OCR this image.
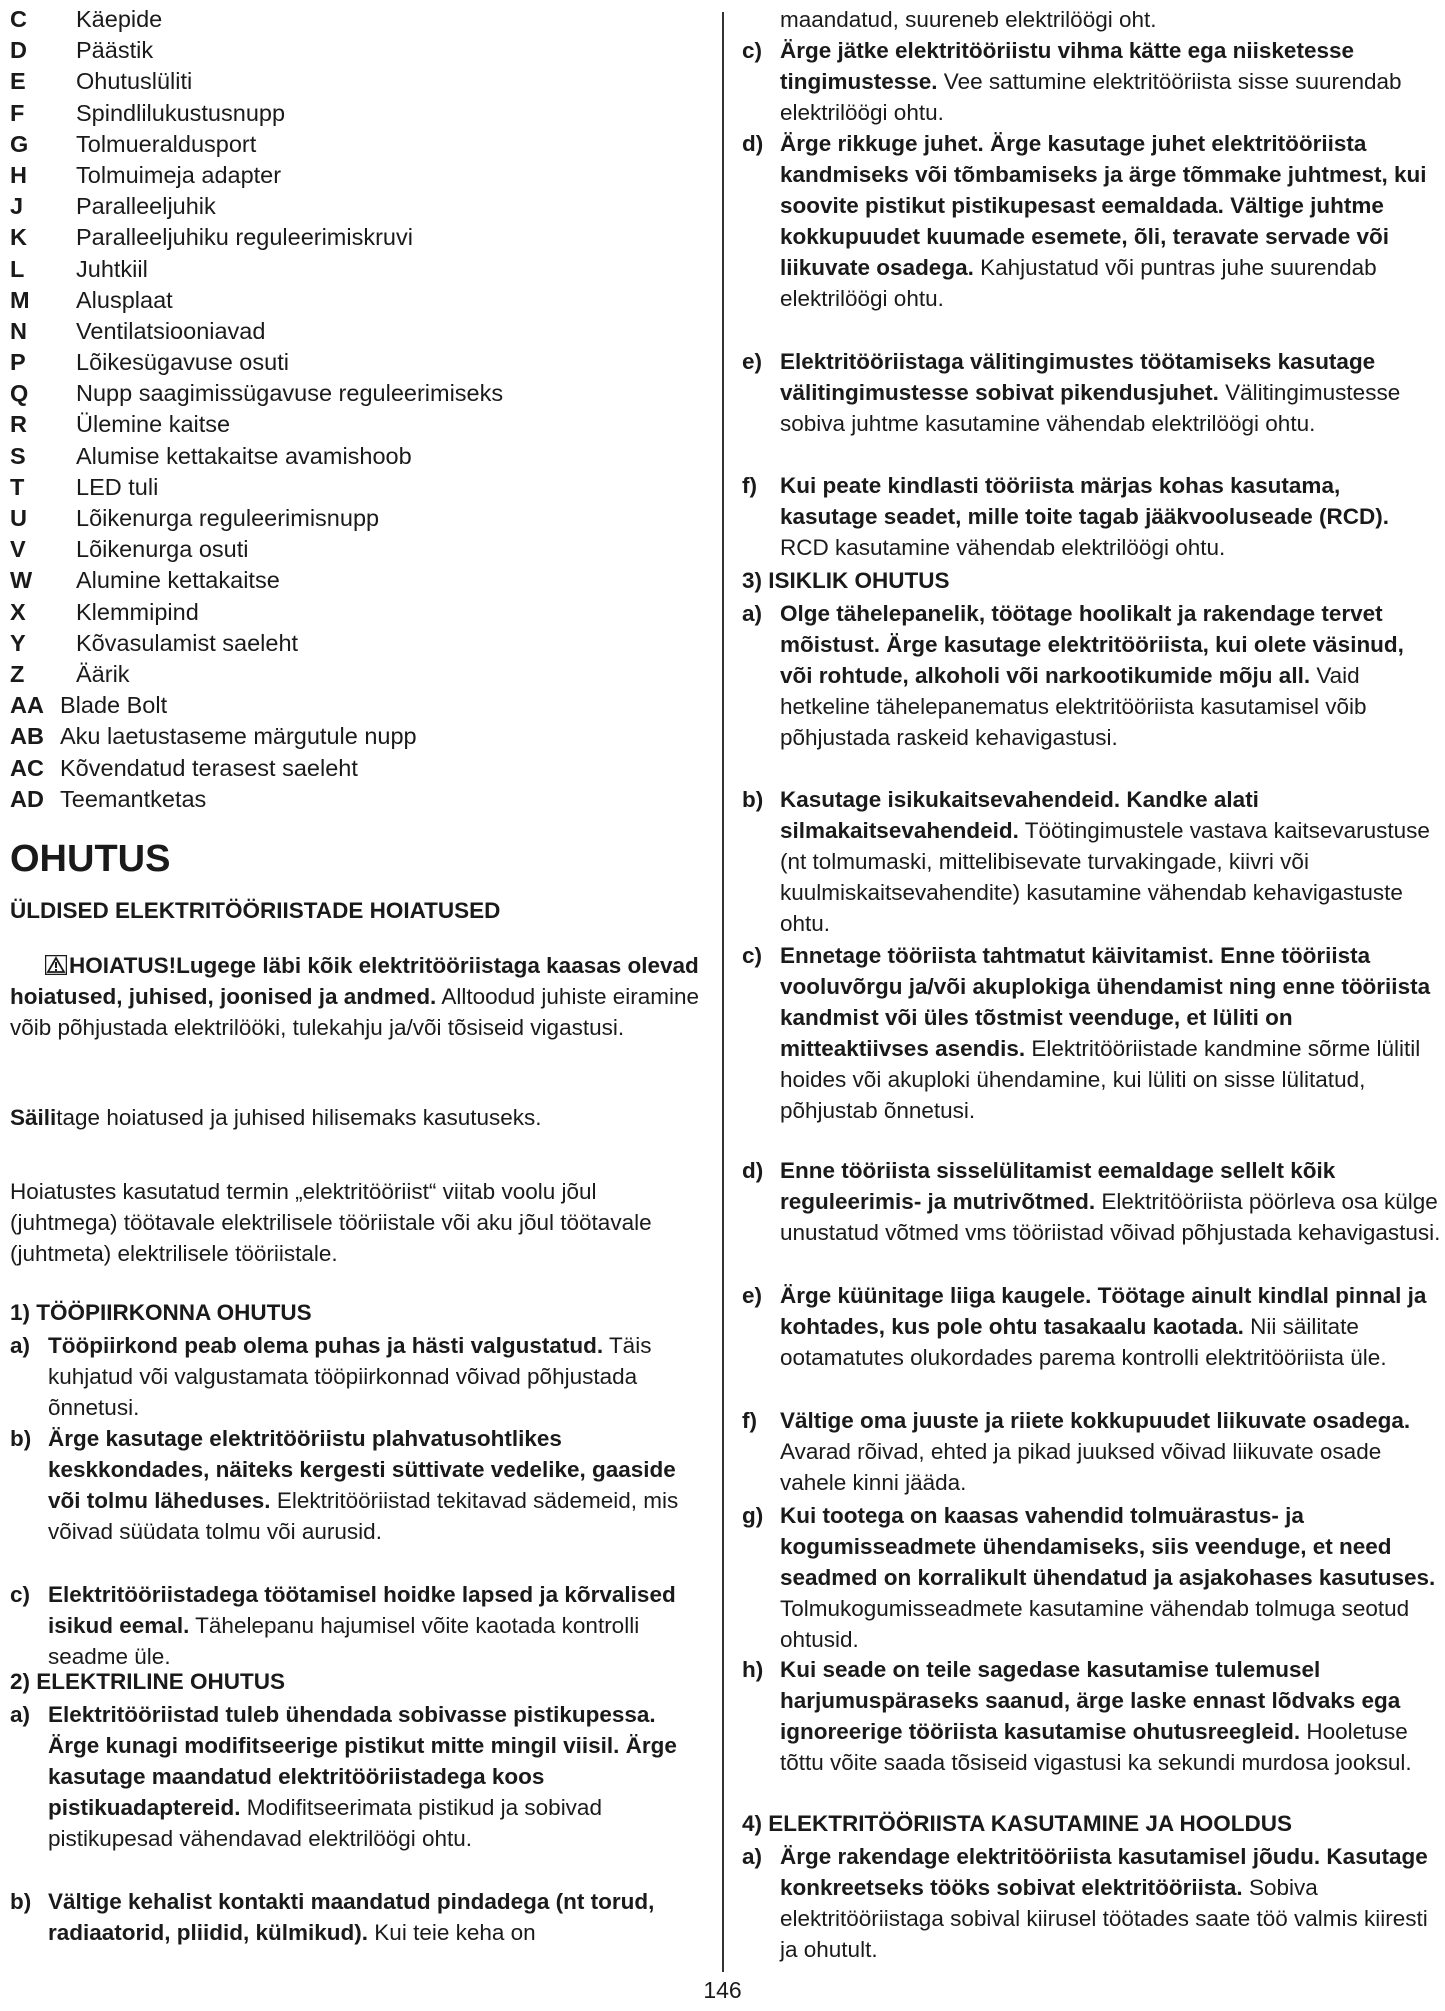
C Käepide
D Päästik
E Ohutuslüliti
F Spindlilukustusnupp
G Tolmueraldusport
H Tolmuimeja adapter
J Paralleeljuhik
K Paralleeljuhiku reguleerimiskruvi
L Juhtkiil
M Alusplaat
N Ventilatsiooniavad
P Lõikesügavuse osuti
Q Nupp saagimissügavuse reguleerimiseks
R Ülemine kaitse
S Alumise kettakaitse avamishoob
T LED tuli
U Lõikenurga reguleerimisnupp
V Lõikenurga osuti
W Alumine kettakaitse
X Klemmipind
Y Kõvasulamist saeleht
Z Äärik
AA Blade Bolt
AB Aku laetustaseme märgutule nupp
AC Kõvendatud terasest saeleht
AD Teemantketas
OHUTUS
ÜLDISED ELEKTRITÖÖRIISTADE HOIATUSED
HOIATUS!Lugege läbi kõik elektritööriistaga kaasas olevad hoiatused, juhised, joonised ja andmed. Alltoodud juhiste eiramine võib põhjustada elektrilööki, tulekahju ja/või tõsiseid vigastusi.
Säilitage hoiatused ja juhised hilisemaks kasutuseks.
Hoiatustes kasutatud termin „elektritööriist“ viitab voolu jõul (juhtmega) töötavale elektrilisele tööriistale või aku jõul töötavale (juhtmeta) elektrilisele tööriistale.
1) TÖÖPIIRKONNA OHUTUS
a) Tööpiirkond peab olema puhas ja hästi valgustatud. Täis kuhjatud või valgustamata tööpiirkonnad võivad põhjustada õnnetusi.
b) Ärge kasutage elektritööriistu plahvatusohtlikes keskkondades, näiteks kergesti süttivate vedelike, gaaside või tolmu läheduses. Elektritööriistad tekitavad sädemeid, mis võivad süüdata tolmu või aurusid.
c) Elektritööriistadega töötamisel hoidke lapsed ja kõrvalised isikud eemal. Tähelepanu hajumisel võite kaotada kontrolli seadme üle.
2) ELEKTRILINE OHUTUS
a) Elektritööriistad tuleb ühendada sobivasse pistikupessa. Ärge kunagi modifitseerige pistikut mitte mingil viisil. Ärge kasutage maandatud elektritööriistadega koos pistikuadaptereid. Modifitseerimata pistikud ja sobivad pistikupesad vähendavad elektrilöögi ohtu.
b) Vältige kehalist kontakti maandatud pindadega (nt torud, radiaatorid, pliidid, külmikud). Kui teie keha on
maandatud, suureneb elektrilöögi oht.
c) Ärge jätke elektritööriistu vihma kätte ega niisketesse tingimustesse. Vee sattumine elektritööriista sisse suurendab elektrilöögi ohtu.
d) Ärge rikkuge juhet. Ärge kasutage juhet elektritööriista kandmiseks või tõmbamiseks ja ärge tõmmake juhtmest, kui soovite pistikut pistikupesast eemaldada. Vältige juhtme kokkupuudet kuumade esemete, õli, teravate servade või liikuvate osadega. Kahjustatud või puntras juhe suurendab elektrilöögi ohtu.
e) Elektritööriistaga välitingimustes töötamiseks kasutage välitingimustesse sobivat pikendusjuhet. Välitingimustesse sobiva juhtme kasutamine vähendab elektrilöögi ohtu.
f) Kui peate kindlasti tööriista märjas kohas kasutama, kasutage seadet, mille toite tagab jääkvooluseade (RCD). RCD kasutamine vähendab elektrilöögi ohtu.
3) ISIKLIK OHUTUS
a) Olge tähelepanelik, töötage hoolikalt ja rakendage tervet mõistust. Ärge kasutage elektritööriista, kui olete väsinud, või rohtude, alkoholi või narkootikumide mõju all. Vaid hetkeline tähelepanematus elektritööriista kasutamisel võib põhjustada raskeid kehavigastusi.
b) Kasutage isikukaitsevahendeid. Kandke alati silmakaitsevahendeid. Töötingimustele vastava kaitsevarustuse (nt tolmumaski, mittelibisevate turvakingade, kiivri või kuulmiskaitsevahendite) kasutamine vähendab kehavigastuste ohtu.
c) Ennetage tööriista tahtmatut käivitamist. Enne tööriista vooluvõrgu ja/või akuplokiga ühendamist ning enne tööriista kandmist või üles tõstmist veenduge, et lüliti on mitteaktiivses asendis. Elektritööriistade kandmine sõrme lülitil hoides või akuploki ühendamine, kui lüliti on sisse lülitatud, põhjustab õnnetusi.
d) Enne tööriista sisselülitamist eemaldage sellelt kõik reguleerimis- ja mutrivõtmed. Elektritööriista pöörleva osa külge unustatud võtmed vms tööriistad võivad põhjustada kehavigastusi.
e) Ärge küünitage liiga kaugele. Töötage ainult kindlal pinnal ja kohtades, kus pole ohtu tasakaalu kaotada. Nii säilitate ootamatutes olukordades parema kontrolli elektritööriista üle.
f) Vältige oma juuste ja riiete kokkupuudet liikuvate osadega. Avarad rõivad, ehted ja pikad juuksed võivad liikuvate osade vahele kinni jääda.
g) Kui tootega on kaasas vahendid tolmuärastus- ja kogumisseadmete ühendamiseks, siis veenduge, et need seadmed on korralikult ühendatud ja asjakohases kasutuses. Tolmukogumisseadmete kasutamine vähendab tolmuga seotud ohtusid.
h) Kui seade on teile sagedase kasutamise tulemusel harjumuspäraseks saanud, ärge laske ennast lõdvaks ega ignoreerige tööriista kasutamise ohutusreegleid. Hooletuse tõttu võite saada tõsiseid vigastusi ka sekundi murdosa jooksul.
4) ELEKTRITÖÖRIISTA KASUTAMINE JA HOOLDUS
a) Ärge rakendage elektritööriista kasutamisel jõudu. Kasutage konkreetseks tööks sobivat elektritööriista. Sobiva elektritööriistaga sobival kiirusel töötades saate töö valmis kiiresti ja ohutult.
146
